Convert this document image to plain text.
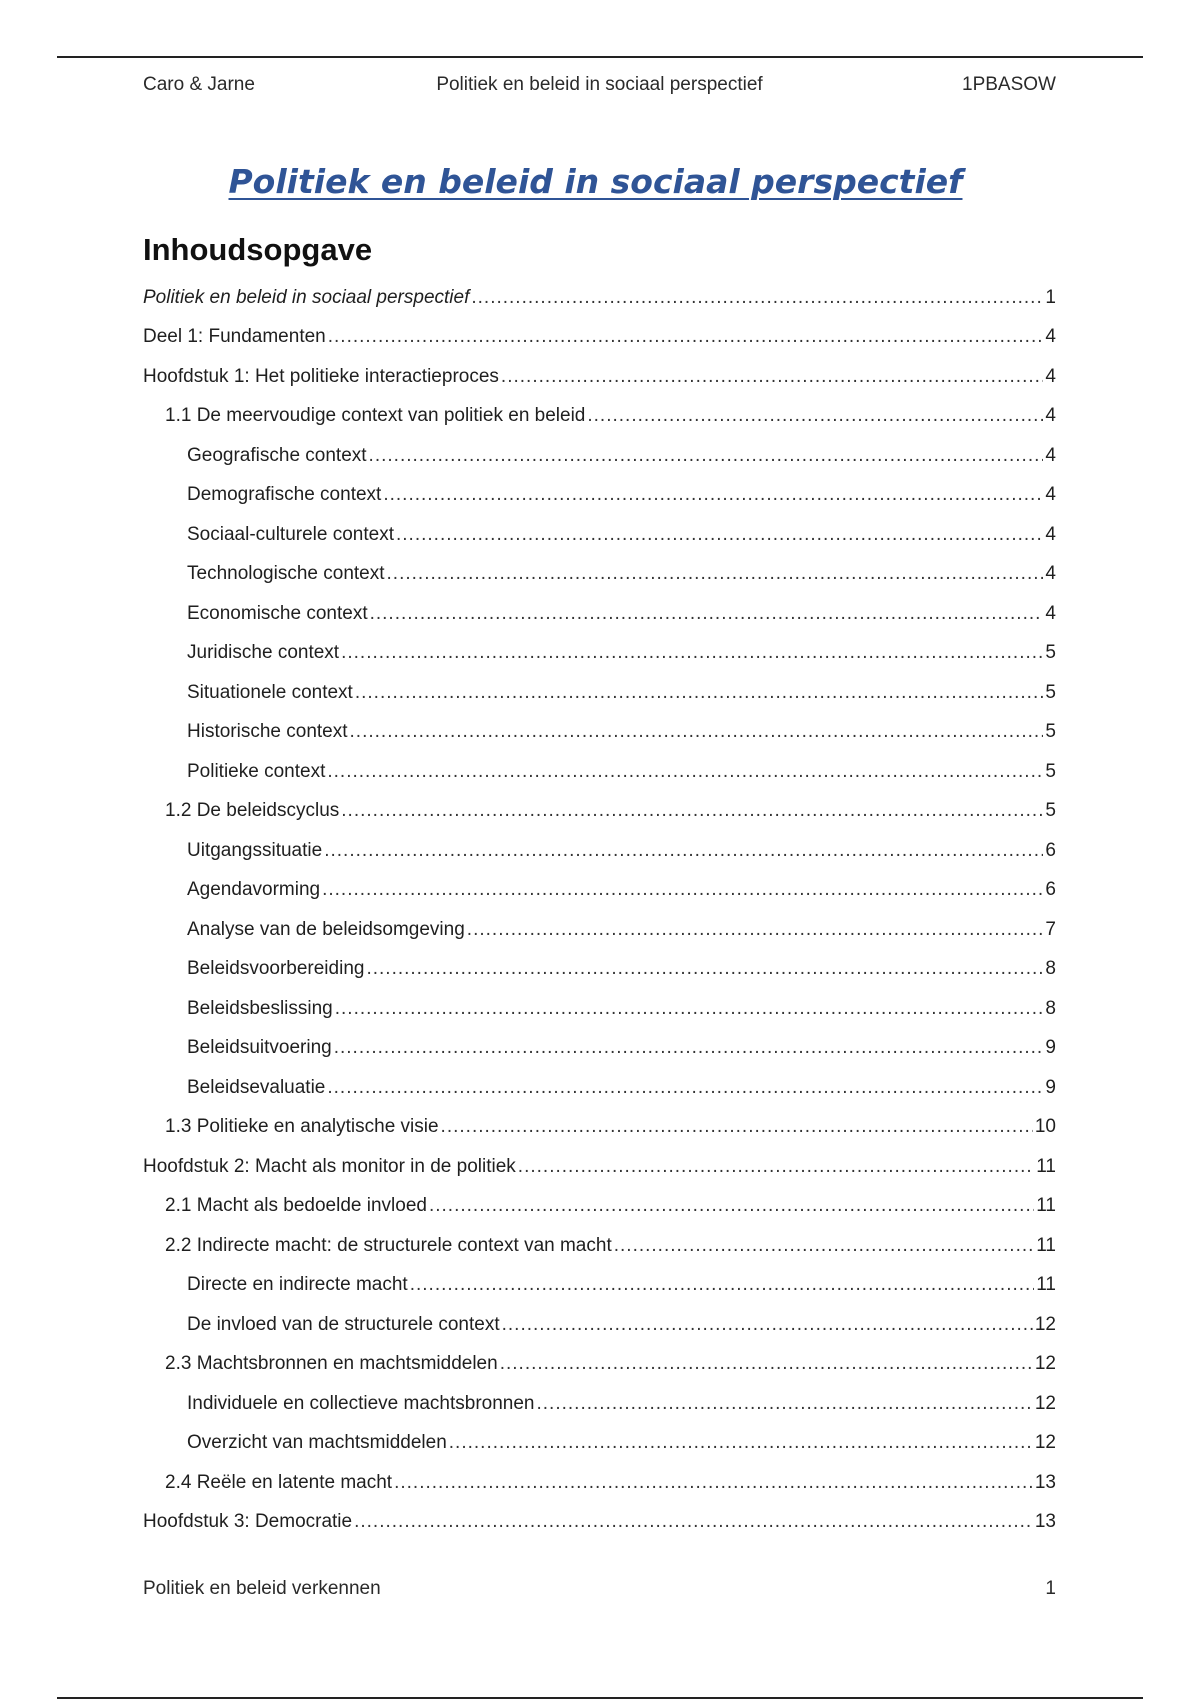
Politiek en beleid in sociaal perspectief
Caro & Jarne	1PBASOW
Politiek en beleid in sociaal perspectief
Inhoudsopgave
Politiek en beleid in sociaal perspectief .....	1
Deel 1: Fundamenten .....	4
Hoofdstuk 1: Het politieke interactieproces .....	4
1.1 De meervoudige context van politiek en beleid .....	4
Geografische context .....	4
Demografische context .....	4
Sociaal-culturele context .....	4
Technologische context .....	4
Economische context .....	4
Juridische context .....	5
Situationele context .....	5
Historische context .....	5
Politieke context .....	5
1.2 De beleidscyclus .....	5
Uitgangssituatie .....	6
Agendavorming .....	6
Analyse van de beleidsomgeving .....	7
Beleidsvoorbereiding .....	8
Beleidsbeslissing .....	8
Beleidsuitvoering .....	9
Beleidsevaluatie .....	9
1.3 Politieke en analytische visie .....	10
Hoofdstuk 2: Macht als monitor in de politiek .....	11
2.1 Macht als bedoelde invloed .....	11
2.2 Indirecte macht: de structurele context van macht .....	11
Directe en indirecte macht .....	11
De invloed van de structurele context .....	12
2.3 Machtsbronnen en machtsmiddelen .....	12
Individuele en collectieve machtsbronnen .....	12
Overzicht van machtsmiddelen .....	12
2.4 Reële en latente macht .....	13
Hoofdstuk 3: Democratie .....	13
Politiek en beleid verkennen	1
